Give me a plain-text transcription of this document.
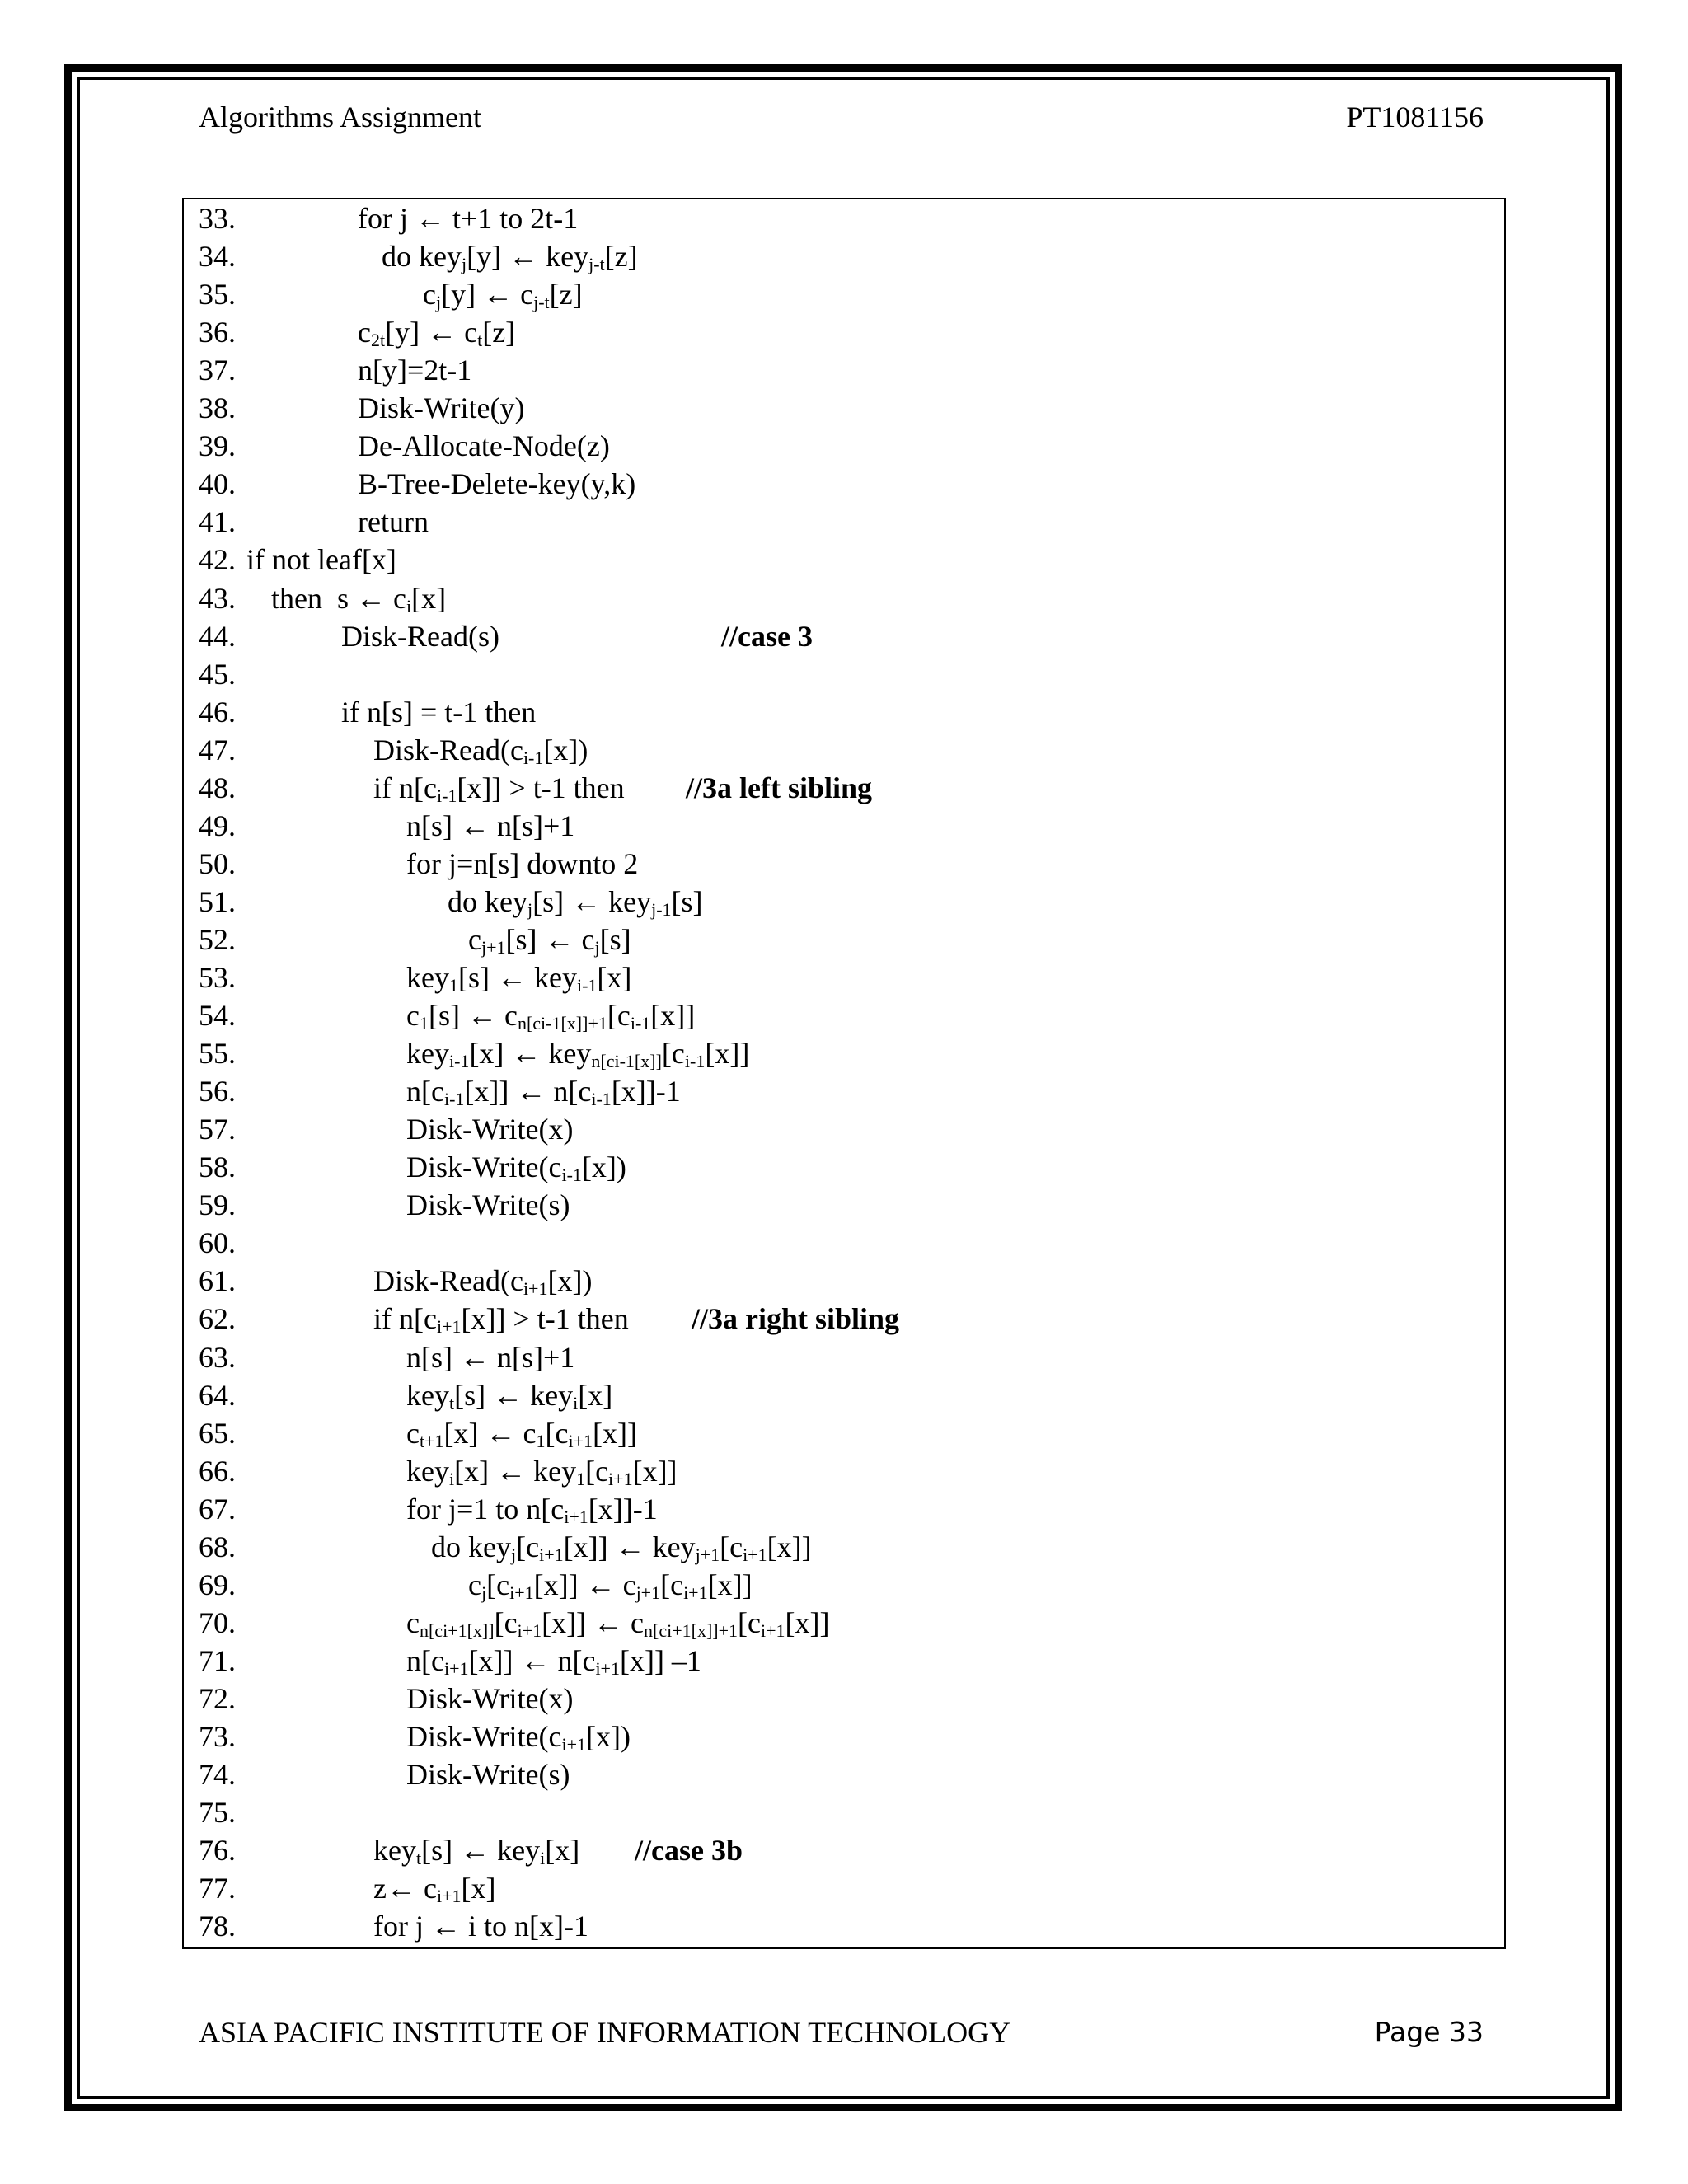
Algorithms Assignment	PT1081156
33.	for j ← t+1 to 2t-1
34.	do key$_j$[y] ← key$_{j-t}$[z]
35.	$c_j[y]$ ← $c_{j-t}[z]$
36.	$c_{2t}[y]$ ← $c_t[z]$
37.	n[y]=2t-1
38.	Disk-Write(y)
39.	De-Allocate-Node(z)
40.	B-Tree-Delete-key(y,k)
41.	return
42. if not leaf[x]
43. then  s ← $c_i[x]$
44.	Disk-Read(s)	//case 3
45.
46.	if n[s] = t-1 then
47.	Disk-$Read(c_{i-1}[x])$
48.	if $n[c_{i-1}[x]] > t-1$ then //3a left sibling
49.	n[s] ← n[s]+1
50.	for j=n[s] downto 2
51.	do key$_j$[s] ← key$_{j-1}$[s]
52.	$c_{j+1}[s]$ ← $c_j[s]$
53.	key$_1$[s] ← key$_{i-1}$[x]
54.	$c_1[s]$ ← $c_{n[ci-1[x]]+1}[c_{i-1}[x]]$
55.	key$_{i-1}$[x] ← $key_{n[ci-1[x]]}[c_{i-1}[x]]$
56.	$n[c_{i-1}[x]]$ ← $n[c_{i-1}[x]]-1$
57.	Disk-Write(x)
58.	Disk-$Write(c_{i-1}[x])$
59.	Disk-Write(s)
60.
61.	Disk-$Read(c_{i+1}[x])$
62.	if $n[c_{i+1}[x]] > t-1$ then //3a right sibling
63.	n[s] ← n[s]+1
64.	key$_t$[s] ← key$_i$[x]
65.	$c_{t+1}[x]$ ← $c_1[c_{i+1}[x]]$
66.	key$_i$[x] ← $key_1[c_{i+1}[x]]$
67.	for j=1 to $n[c_{i+1}[x]]-1$
68.	do $key_j[c_{i+1}[x]]$ ← $key_{j+1}[c_{i+1}[x]]$
69.	$c_j[c_{i+1}[x]]$ ← $c_{j+1}[c_{i+1}[x]]$
70.	$c_{n[ci+1[x]]}[c_{i+1}[x]]$ ← $c_{n[ci+1[x]]+1}[c_{i+1}[x]]$
71.	$n[c_{i+1}[x]]$ ← $n[c_{i+1}[x]]$ –1
72.	Disk-Write(x)
73.	Disk-$Write(c_{i+1}[x])$
74.	Disk-Write(s)
75.
76.	key$_t$[s] ← key$_i$[x] //case 3b
77.	z← $c_{i+1}[x]$
78.	for j ← i to n[x]-1
ASIA PACIFIC INSTITUTE OF INFORMATION TECHNOLOGY	Page 33
